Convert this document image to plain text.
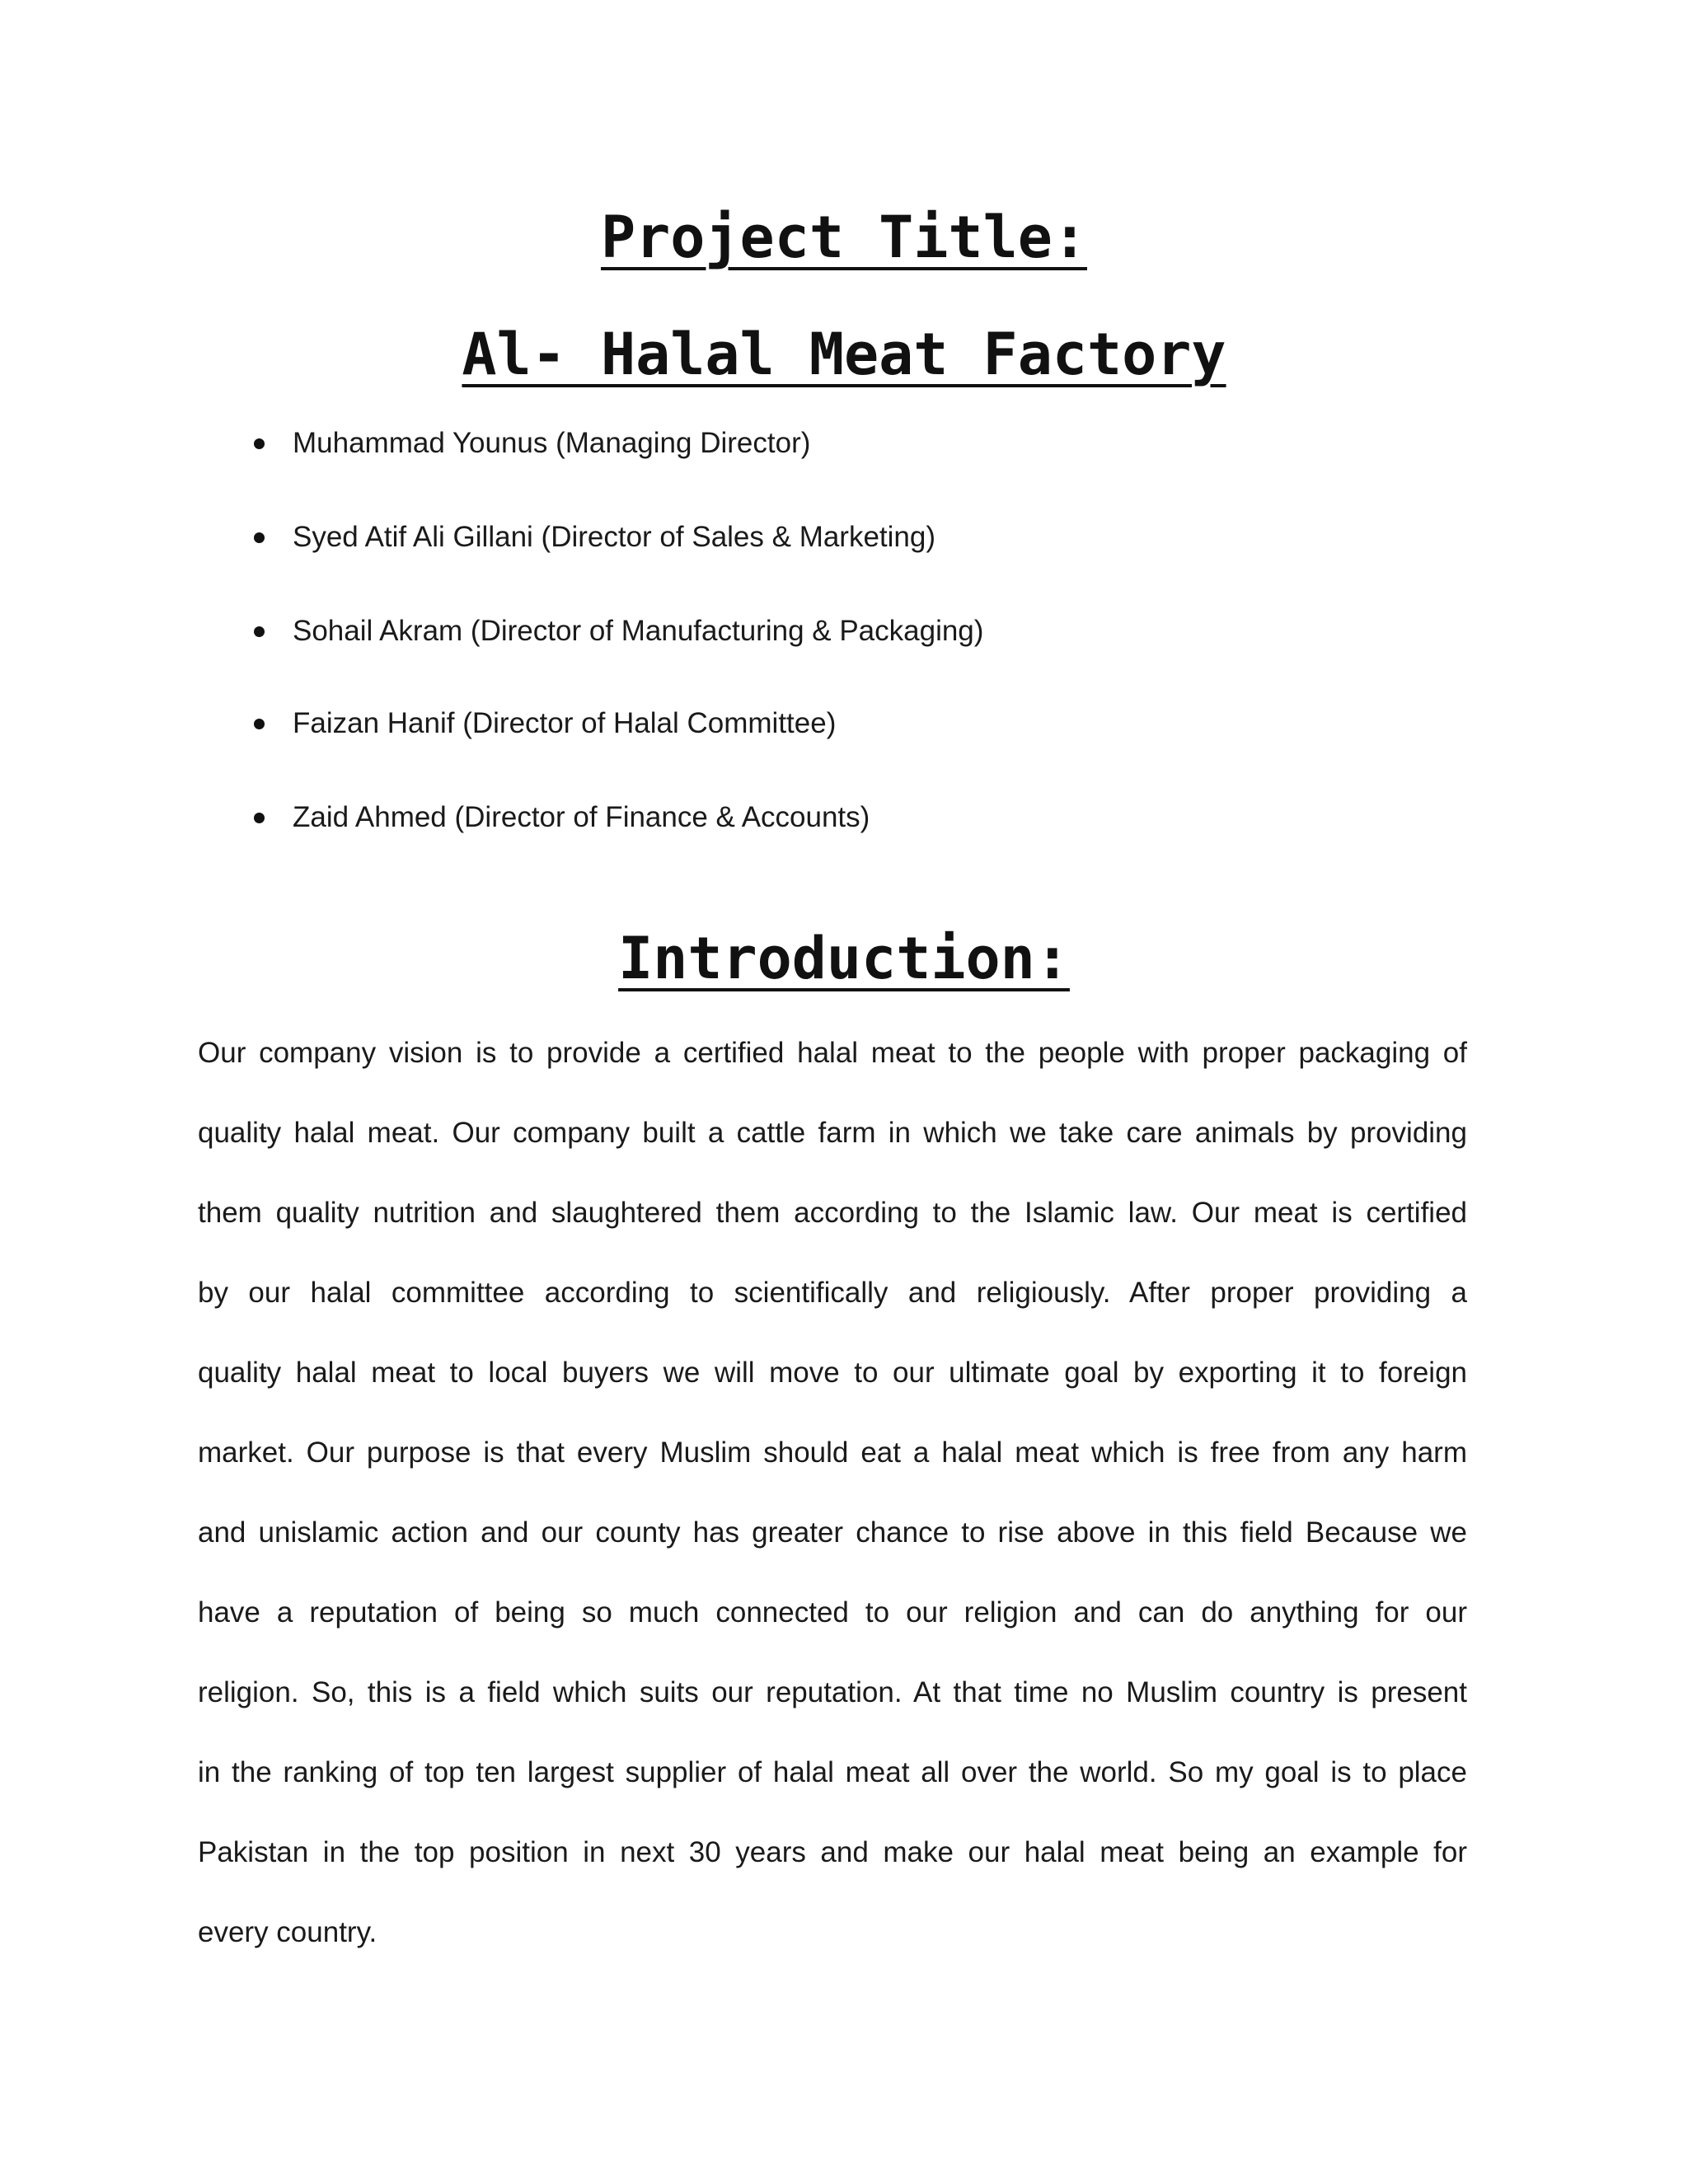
Project Title:
Al- Halal Meat Factory
Muhammad Younus (Managing Director)
Syed Atif Ali Gillani (Director of Sales & Marketing)
Sohail Akram (Director of Manufacturing & Packaging)
Faizan Hanif (Director of Halal Committee)
Zaid Ahmed (Director of Finance & Accounts)
Introduction:
Our company vision is to provide a certified halal meat to the people with proper packaging of
quality halal meat. Our company built a cattle farm in which we take care animals by providing
them quality nutrition and slaughtered them according to the Islamic law. Our meat is certified
by our halal committee according to scientifically and religiously. After proper providing a
quality halal meat to local buyers we will move to our ultimate goal by exporting it to foreign
market. Our purpose is that every Muslim should eat a halal meat which is free from any harm
and unislamic action and our county has greater chance to rise above in this field Because we
have a reputation of being so much connected to our religion and can do anything for our
religion. So, this is a field which suits our reputation. At that time no Muslim country is present
in the ranking of top ten largest supplier of halal meat all over the world. So my goal is to place
Pakistan in the top position in next 30 years and make our halal meat being an example for
every country.
